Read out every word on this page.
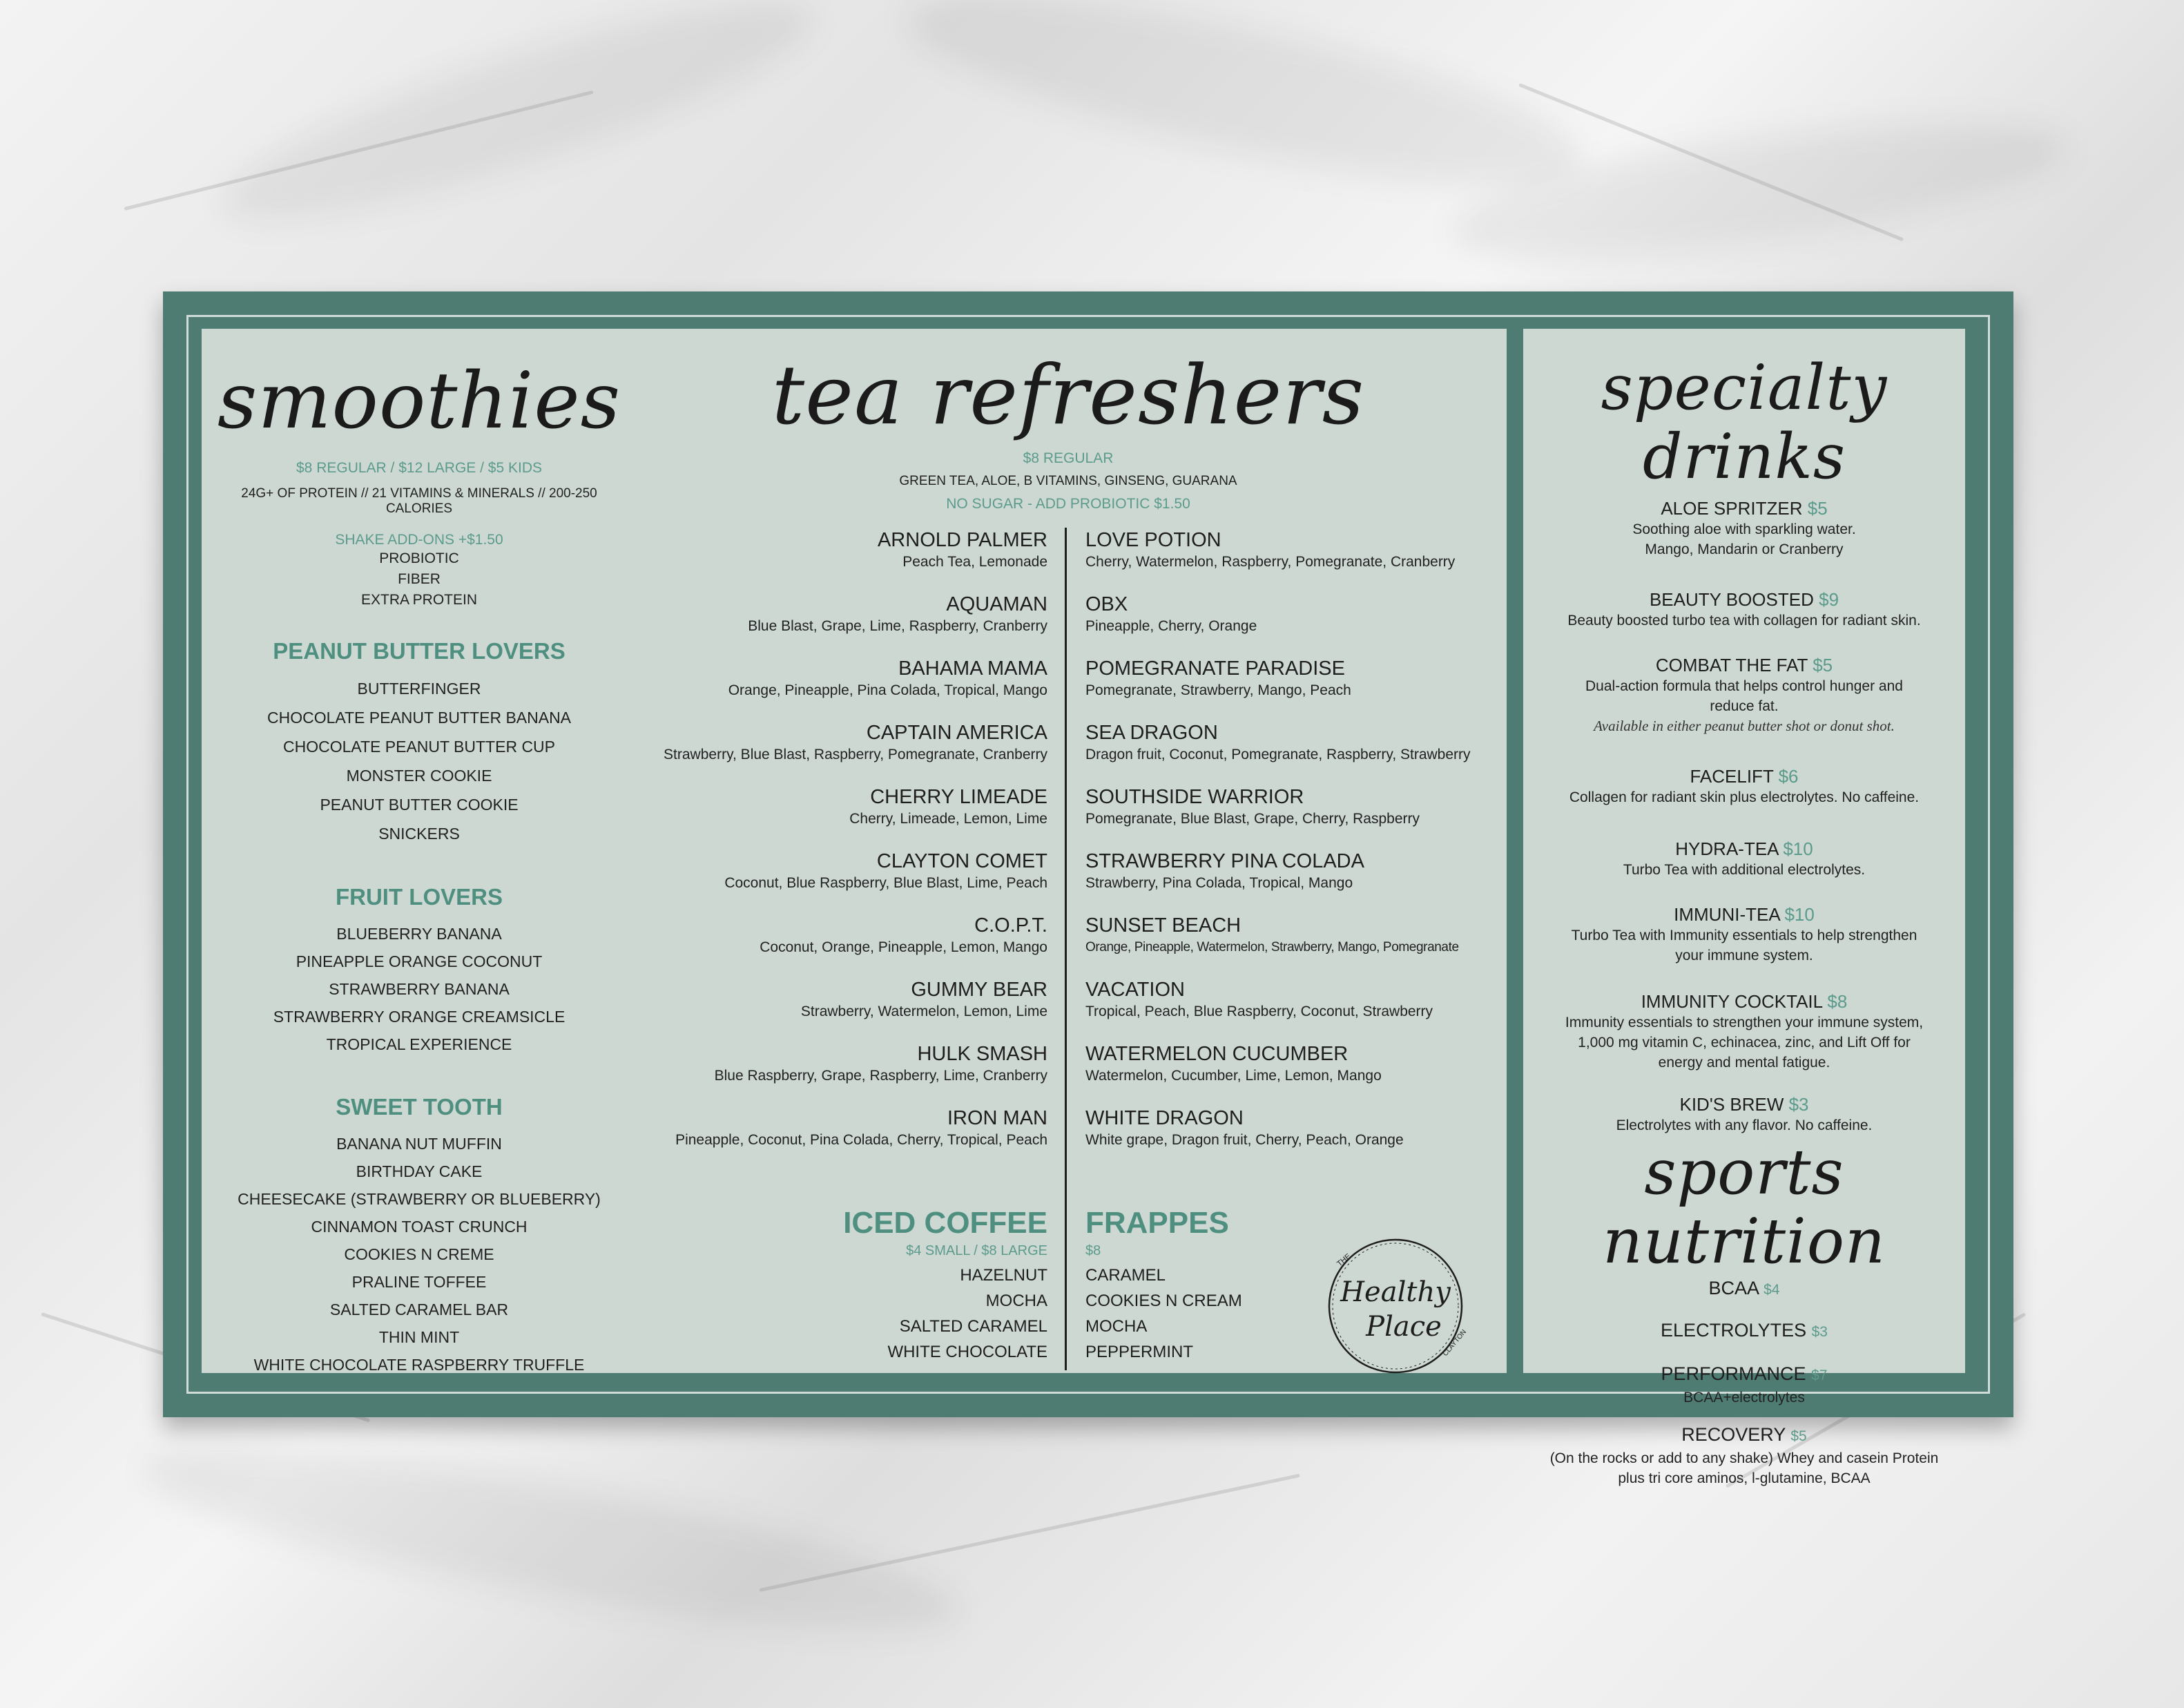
smoothies
$8 REGULAR / $12 LARGE / $5 KIDS
24G+ OF PROTEIN // 21 VITAMINS & MINERALS // 200-250 CALORIES
SHAKE ADD-ONS +$1.50
PROBIOTIC
FIBER
EXTRA PROTEIN
PEANUT BUTTER LOVERS
BUTTERFINGER
CHOCOLATE PEANUT BUTTER BANANA
CHOCOLATE PEANUT BUTTER CUP
MONSTER COOKIE
PEANUT BUTTER COOKIE
SNICKERS
FRUIT LOVERS
BLUEBERRY BANANA
PINEAPPLE ORANGE COCONUT
STRAWBERRY BANANA
STRAWBERRY ORANGE CREAMSICLE
TROPICAL EXPERIENCE
SWEET TOOTH
BANANA NUT MUFFIN
BIRTHDAY CAKE
CHEESECAKE (STRAWBERRY OR BLUEBERRY)
CINNAMON TOAST CRUNCH
COOKIES N CREME
PRALINE TOFFEE
SALTED CARAMEL BAR
THIN MINT
WHITE CHOCOLATE RASPBERRY TRUFFLE
tea refreshers
$8 REGULAR
GREEN TEA, ALOE, B VITAMINS, GINSENG, GUARANA
NO SUGAR - ADD PROBIOTIC $1.50
ARNOLD PALMER
Peach Tea, Lemonade
AQUAMAN
Blue Blast, Grape, Lime, Raspberry, Cranberry
BAHAMA MAMA
Orange, Pineapple, Pina Colada, Tropical, Mango
CAPTAIN AMERICA
Strawberry, Blue Blast, Raspberry, Pomegranate, Cranberry
CHERRY LIMEADE
Cherry, Limeade, Lemon, Lime
CLAYTON COMET
Coconut, Blue Raspberry, Blue Blast, Lime, Peach
C.O.P.T.
Coconut, Orange, Pineapple, Lemon, Mango
GUMMY BEAR
Strawberry, Watermelon, Lemon, Lime
HULK SMASH
Blue Raspberry, Grape, Raspberry, Lime, Cranberry
IRON MAN
Pineapple, Coconut, Pina Colada, Cherry, Tropical, Peach
ICED COFFEE
$4 SMALL / $8 LARGE
HAZELNUT
MOCHA
SALTED CARAMEL
WHITE CHOCOLATE
LOVE POTION
Cherry, Watermelon, Raspberry, Pomegranate, Cranberry
OBX
Pineapple, Cherry, Orange
POMEGRANATE PARADISE
Pomegranate, Strawberry, Mango, Peach
SEA DRAGON
Dragon fruit, Coconut, Pomegranate, Raspberry, Strawberry
SOUTHSIDE WARRIOR
Pomegranate, Blue Blast, Grape, Cherry, Raspberry
STRAWBERRY PINA COLADA
Strawberry, Pina Colada, Tropical, Mango
SUNSET BEACH
Orange, Pineapple, Watermelon, Strawberry, Mango, Pomegranate
VACATION
Tropical, Peach, Blue Raspberry, Coconut, Strawberry
WATERMELON CUCUMBER
Watermelon, Cucumber, Lime, Lemon, Mango
WHITE DRAGON
White grape, Dragon fruit, Cherry, Peach, Orange
FRAPPES
$8
CARAMEL
COOKIES N CREAM
MOCHA
PEPPERMINT
THE
Healthy
Place
CLAYTON
specialty drinks
ALOE SPRITZER $5
Soothing aloe with sparkling water.
Mango, Mandarin or Cranberry
BEAUTY BOOSTED $9
Beauty boosted turbo tea with collagen for radiant skin.
COMBAT THE FAT $5
Dual-action formula that helps control hunger and
reduce fat.
Available in either peanut butter shot or donut shot.
FACELIFT $6
Collagen for radiant skin plus electrolytes. No caffeine.
HYDRA-TEA $10
Turbo Tea with additional electrolytes.
IMMUNI-TEA $10
Turbo Tea with Immunity essentials to help strengthen
your immune system.
IMMUNITY COCKTAIL $8
Immunity essentials to strengthen your immune system,
1,000 mg vitamin C, echinacea, zinc, and Lift Off for
energy and mental fatigue.
KID'S BREW $3
Electrolytes with any flavor. No caffeine.
sports nutrition
BCAA $4
ELECTROLYTES $3
PERFORMANCE $7
BCAA+electrolytes
RECOVERY $5
(On the rocks or add to any shake) Whey and casein Protein
plus tri core aminos, l-glutamine, BCAA
